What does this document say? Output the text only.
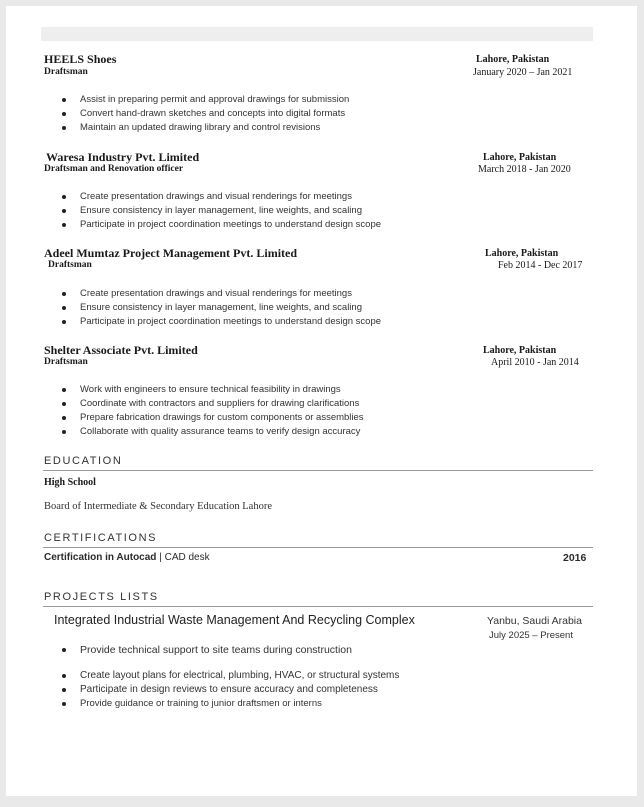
HEELS Shoes
Draftsman
Lahore, Pakistan
January 2020 – Jan 2021
Assist in preparing permit and approval drawings for submission
Convert hand-drawn sketches and concepts into digital formats
Maintain an updated drawing library and control revisions
Waresa Industry Pvt. Limited
Draftsman and Renovation officer
Lahore, Pakistan
March 2018 - Jan 2020
Create presentation drawings and visual renderings for meetings
Ensure consistency in layer management, line weights, and scaling
Participate in project coordination meetings to understand design scope
Adeel Mumtaz Project Management Pvt. Limited
Draftsman
Lahore, Pakistan
Feb 2014 - Dec 2017
Create presentation drawings and visual renderings for meetings
Ensure consistency in layer management, line weights, and scaling
Participate in project coordination meetings to understand design scope
Shelter Associate Pvt. Limited
Draftsman
Lahore, Pakistan
April 2010 - Jan 2014
Work with engineers to ensure technical feasibility in drawings
Coordinate with contractors and suppliers for drawing clarifications
Prepare fabrication drawings for custom components or assemblies
Collaborate with quality assurance teams to verify design accuracy
EDUCATION
High School
Board of Intermediate & Secondary Education Lahore
CERTIFICATIONS
Certification in Autocad | CAD desk	2016
PROJECTS LISTS
Integrated Industrial Waste Management And Recycling Complex	Yanbu, Saudi Arabia
July 2025 – Present
Provide technical support to site teams during construction
Create layout plans for electrical, plumbing, HVAC, or structural systems
Participate in design reviews to ensure accuracy and completeness
Provide guidance or training to junior draftsmen or interns
